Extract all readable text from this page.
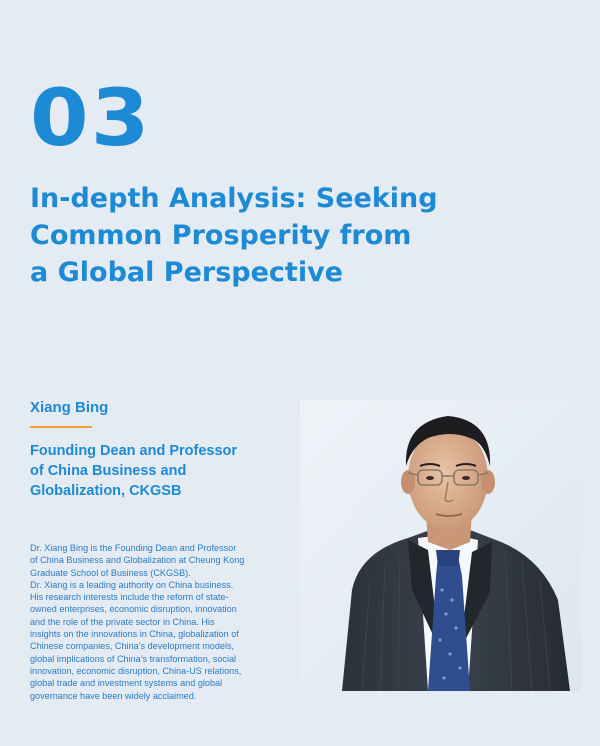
03
In-depth Analysis: Seeking
Common Prosperity from
a Global Perspective
Xiang Bing
Founding Dean and Professor
of China Business and
Globalization, CKGSB
Dr. Xiang Bing is the Founding Dean and Professor
of China Business and Globalization at Cheung Kong
Graduate School of Business (CKGSB).
Dr. Xiang is a leading authority on China business.
His research interests include the reform of state-
owned enterprises, economic disruption, innovation
and the role of the private sector in China. His
insights on the innovations in China, globalization of
Chinese companies, China’s development models,
global implications of China’s transformation, social
innovation, economic disruption, China-US relations,
global trade and investment systems and global
governance have been widely acclaimed.
